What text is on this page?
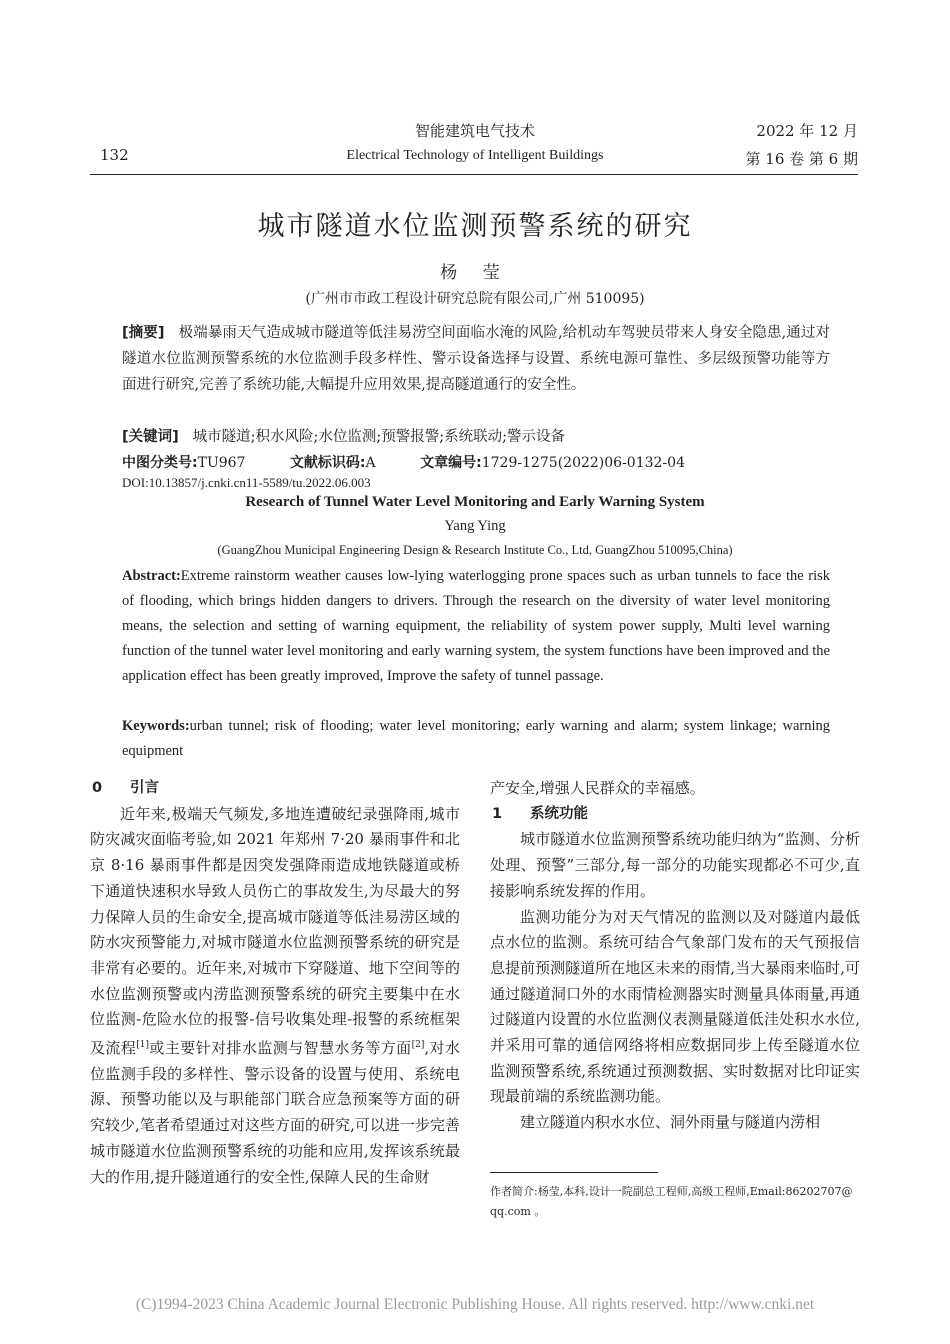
132
智能建筑电气技术
Electrical Technology of Intelligent Buildings
2022 年 12 月
第 16 卷 第 6 期
城市隧道水位监测预警系统的研究
杨 莹
(广州市市政工程设计研究总院有限公司,广州 510095)
[摘要] 极端暴雨天气造成城市隧道等低洼易涝空间面临水淹的风险,给机动车驾驶员带来人身安全隐患,通过对隧道水位监测预警系统的水位监测手段多样性、警示设备选择与设置、系统电源可靠性、多层级预警功能等方面进行研究,完善了系统功能,大幅提升应用效果,提高隧道通行的安全性。
[关键词] 城市隧道;积水风险;水位监测;预警报警;系统联动;警示设备
中图分类号:TU967	文献标识码:A	文章编号:1729-1275(2022)06-0132-04
DOI:10.13857/j.cnki.cn11-5589/tu.2022.06.003
Research of Tunnel Water Level Monitoring and Early Warning System
Yang Ying
(GuangZhou Municipal Engineering Design & Research Institute Co., Ltd, GuangZhou 510095,China)
Abstract:Extreme rainstorm weather causes low-lying waterlogging prone spaces such as urban tunnels to face the risk of flooding, which brings hidden dangers to drivers. Through the research on the diversity of water level monitoring means, the selection and setting of warning equipment, the reliability of system power supply, Multi level warning function of the tunnel water level monitoring and early warning system, the system functions have been improved and the application effect has been greatly improved, Improve the safety of tunnel passage.
Keywords:urban tunnel; risk of flooding; water level monitoring; early warning and alarm; system linkage; warning equipment
0 引言

近年来,极端天气频发,多地连遭破纪录强降雨,城市防灾减灾面临考验,如 2021 年郑州 7·20 暴雨事件和北京 8·16 暴雨事件都是因突发强降雨造成地铁隧道或桥下通道快速积水导致人员伤亡的事故发生,为尽最大的努力保障人员的生命安全,提高城市隧道等低洼易涝区域的防水灾预警能力,对城市隧道水位监测预警系统的研究是非常有必要的。近年来,对城市下穿隧道、地下空间等的水位监测预警或内涝监测预警系统的研究主要集中在水位监测-危险水位的报警-信号收集处理-报警的系统框架及流程[1]或主要针对排水监测与智慧水务等方面[2],对水位监测手段的多样性、警示设备的设置与使用、系统电源、预警功能以及与职能部门联合应急预案等方面的研究较少,笔者希望通过对这些方面的研究,可以进一步完善城市隧道水位监测预警系统的功能和应用,发挥该系统最大的作用,提升隧道通行的安全性,保障人民的生命财

产安全,增强人民群众的幸福感。

1 系统功能

城市隧道水位监测预警系统功能归纳为“监测、分析处理、预警”三部分,每一部分的功能实现都必不可少,直接影响系统发挥的作用。

监测功能分为对天气情况的监测以及对隧道内最低点水位的监测。系统可结合气象部门发布的天气预报信息提前预测隧道所在地区未来的雨情,当大暴雨来临时,可通过隧道洞口外的水雨情检测器实时测量具体雨量,再通过隧道内设置的水位监测仪表测量隧道低洼处积水水位,并采用可靠的通信网络将相应数据同步上传至隧道水位监测预警系统,系统通过预测数据、实时数据对比印证实现最前端的系统监测功能。

建立隧道内积水水位、洞外雨量与隧道内涝相

作者简介:杨莹,本科,设计一院副总工程师,高级工程师,Email:86202707@ qq.com 。
(C)1994-2023 China Academic Journal Electronic Publishing House. All rights reserved. http://www.cnki.net
